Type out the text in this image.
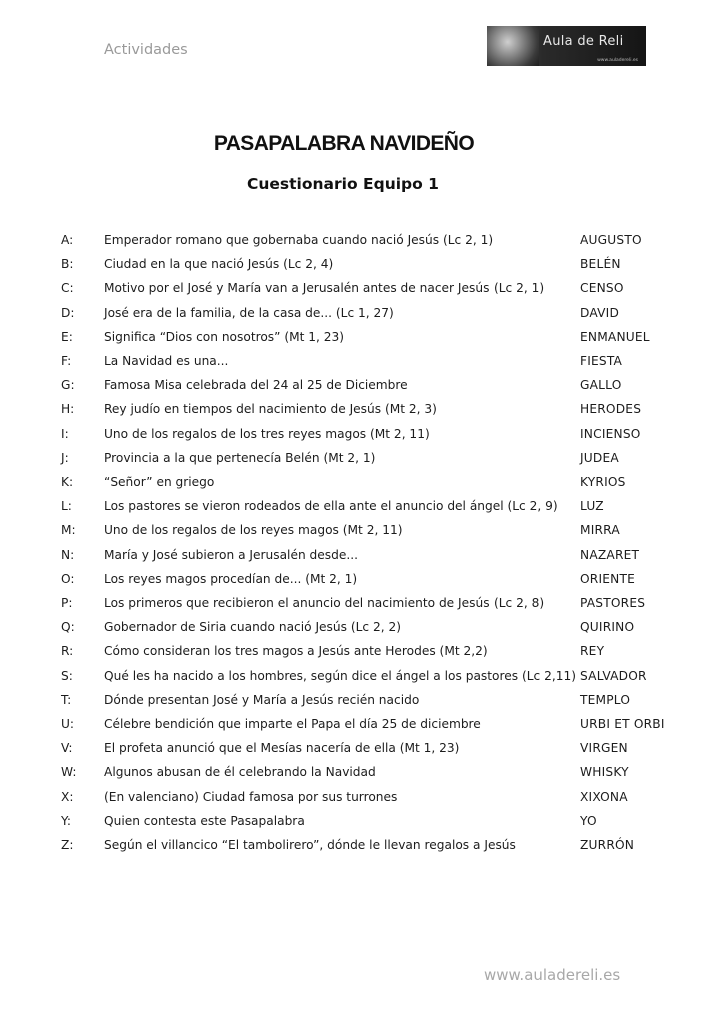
Actividades
Aula de Reli
www.auladereli.es
PASAPALABRA NAVIDEÑO
Cuestionario Equipo 1
A:	Emperador romano que gobernaba cuando nació Jesús (Lc 2, 1)	AUGUSTO
B:	Ciudad en la que nació Jesús (Lc 2, 4)	BELÉN
C: Motivo por el José y María van a Jerusalén antes de nacer Jesús (Lc 2, 1)	CENSO
D: José era de la familia, de la casa de... (Lc 1, 27)	DAVID
E:	Significa “Dios con nosotros” (Mt 1, 23)	ENMANUEL
F:	La Navidad es una...	FIESTA
G: Famosa Misa celebrada del 24 al 25 de Diciembre	GALLO
H: Rey judío en tiempos del nacimiento de Jesús (Mt 2, 3)	HERODES
I:	Uno de los regalos de los tres reyes magos (Mt 2, 11)	INCIENSO
J:	Provincia a la que pertenecía Belén (Mt 2, 1)	JUDEA
K:	“Señor” en griego	KYRIOS
L:	Los pastores se vieron rodeados de ella ante el anuncio del ángel (Lc 2, 9) LUZ
M: Uno de los regalos de los reyes magos (Mt 2, 11)	MIRRA
N: María y José subieron a Jerusalén desde...	NAZARET
O: Los reyes magos procedían de... (Mt 2, 1)	ORIENTE
P:	Los primeros que recibieron el anuncio del nacimiento de Jesús (Lc 2, 8)	PASTORES
Q: Gobernador de Siria cuando nació Jesús (Lc 2, 2)	QUIRINO
R:	Cómo consideran los tres magos a Jesús ante Herodes (Mt 2,2)	REY
S:	Qué les ha nacido a los hombres, según dice el ángel a los pastores (Lc 2,11) SALVADOR
T:	Dónde presentan José y María a Jesús recién nacido	TEMPLO
U: Célebre bendición que imparte el Papa el día 25 de diciembre	URBI ET ORBI
V:	El profeta anunció que el Mesías nacería de ella (Mt 1, 23)	VIRGEN
W: Algunos abusan de él celebrando la Navidad	WHISKY
X:	(En valenciano) Ciudad famosa por sus turrones	XIXONA
Y:	Quien contesta este Pasapalabra	YO
Z:	Según el villancico “El tambolirero”, dónde le llevan regalos a Jesús	ZURRÓN
www.auladereli.es
